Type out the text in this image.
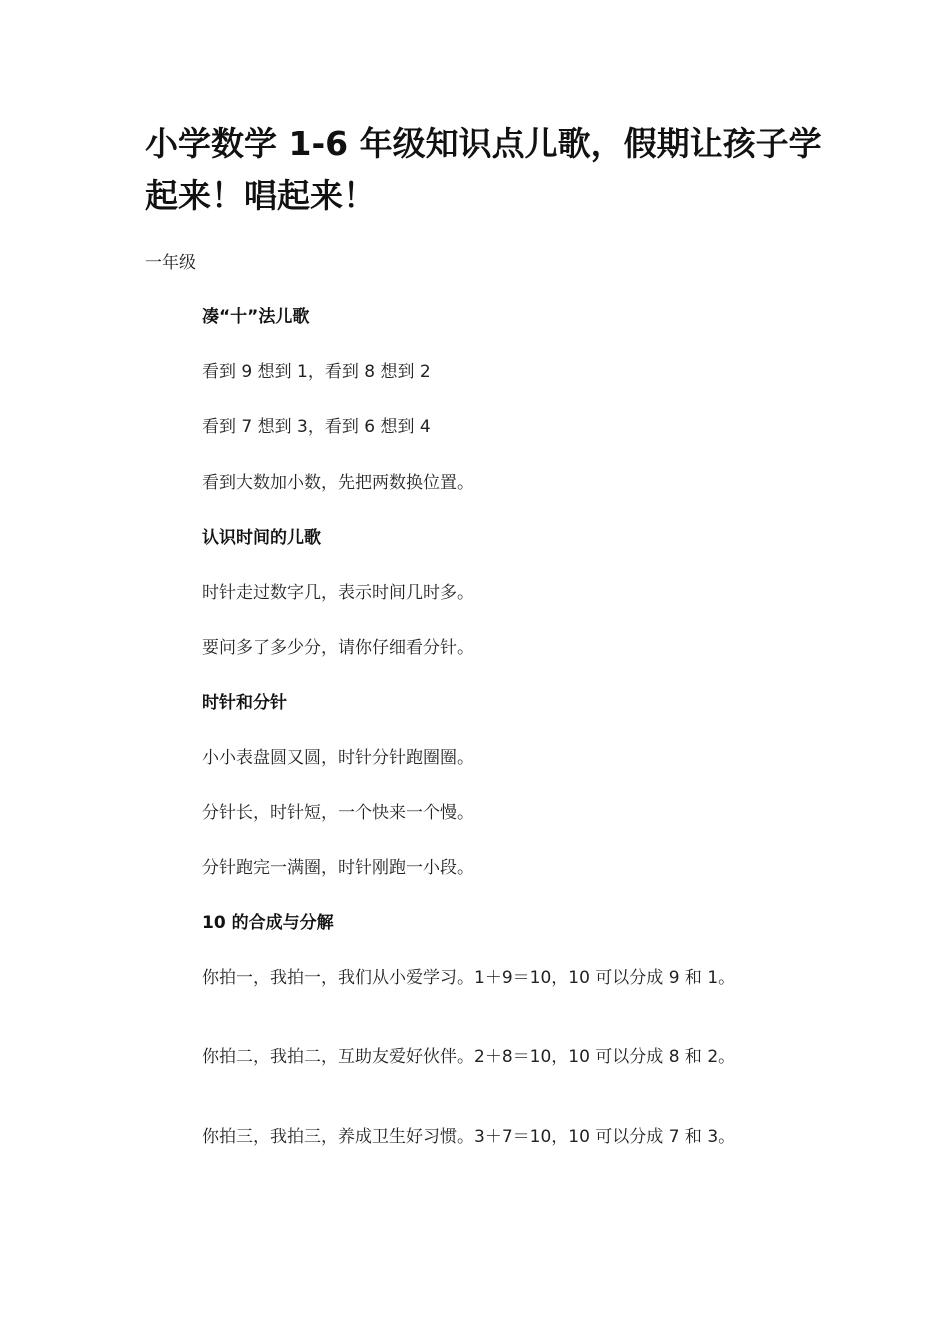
小学数学 1-6 年级知识点儿歌，假期让孩子学起来！唱起来！

一年级

凑“十”法儿歌

看到 9 想到 1，看到 8 想到 2

看到 7 想到 3，看到 6 想到 4

看到大数加小数，先把两数换位置。

认识时间的儿歌

时针走过数字几，表示时间几时多。

要问多了多少分，请你仔细看分针。

时针和分针

小小表盘圆又圆，时针分针跑圈圈。

分针长，时针短，一个快来一个慢。

分针跑完一满圈，时针刚跑一小段。

10 的合成与分解

你拍一，我拍一，我们从小爱学习。1＋9＝10，10 可以分成 9 和 1。

你拍二，我拍二，互助友爱好伙伴。2＋8＝10，10 可以分成 8 和 2。

你拍三，我拍三，养成卫生好习惯。3＋7＝10，10 可以分成 7 和 3。
